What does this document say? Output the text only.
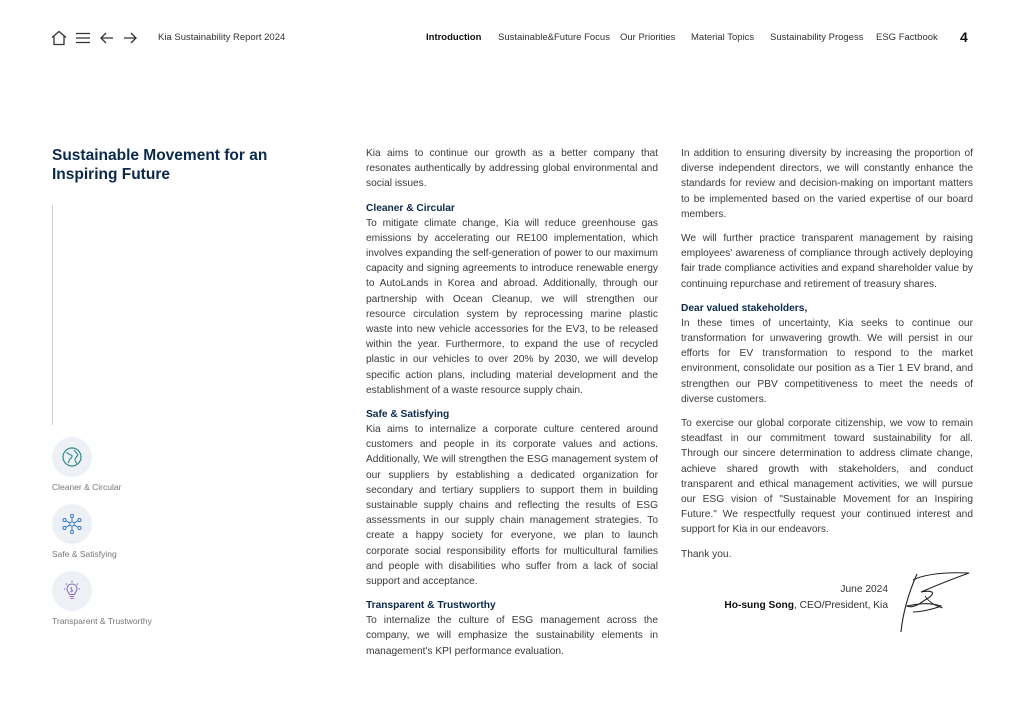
Kia Sustainability Report 2024	Introduction Sustainable&Future Focus Our Priorities Material Topics Sustainability Progess ESG Factbook 4
Sustainable Movement for an Inspiring Future
Cleaner & Circular
Safe & Satisfying
Transparent & Trustworthy

Kia aims to continue our growth as a better company that resonates authentically by addressing global environmental and social issues.

Cleaner & Circular

To mitigate climate change, Kia will reduce greenhouse gas emissions by accelerating our RE100 implementation, which involves expanding the self-generation of power to our maximum capacity and signing agreements to introduce renewable energy to AutoLands in Korea and abroad. Additionally, through our partnership with Ocean Cleanup, we will strengthen our resource circulation system by reprocessing marine plastic waste into new vehicle accessories for the EV3, to be released within the year. Furthermore, to expand the use of recycled plastic in our vehicles to over 20% by 2030, we will develop specific action plans, including material development and the establishment of a waste resource supply chain.

Safe & Satisfying

Kia aims to internalize a corporate culture centered around customers and people in its corporate values and actions. Additionally, We will strengthen the ESG management system of our suppliers by establishing a dedicated organization for secondary and tertiary suppliers to support them in building sustainable supply chains and reflecting the results of ESG assessments in our supply chain management strategies. To create a happy society for everyone, we plan to launch corporate social responsibility efforts for multicultural families and people with disabilities who suffer from a lack of social support and acceptance.

Transparent & Trustworthy

To internalize the culture of ESG management across the company, we will emphasize the sustainability elements in management's KPI performance evaluation.

In addition to ensuring diversity by increasing the proportion of diverse independent directors, we will constantly enhance the standards for review and decision-making on important matters to be implemented based on the varied expertise of our board members.

We will further practice transparent management by raising employees' awareness of compliance through actively deploying fair trade compliance activities and expand shareholder value by continuing repurchase and retirement of treasury shares.

Dear valued stakeholders,

In these times of uncertainty, Kia seeks to continue our transformation for unwavering growth. We will persist in our efforts for EV transformation to respond to the market environment, consolidate our position as a Tier 1 EV brand, and strengthen our PBV competitiveness to meet the needs of diverse customers.

To exercise our global corporate citizenship, we vow to remain steadfast in our commitment toward sustainability for all. Through our sincere determination to address climate change, achieve shared growth with stakeholders, and conduct transparent and ethical management activities, we will pursue our ESG vision of "Sustainable Movement for an Inspiring Future." We respectfully request your continued interest and support for Kia in our endeavors.

Thank you.

June 2024
Ho-sung Song, CEO/President, Kia
